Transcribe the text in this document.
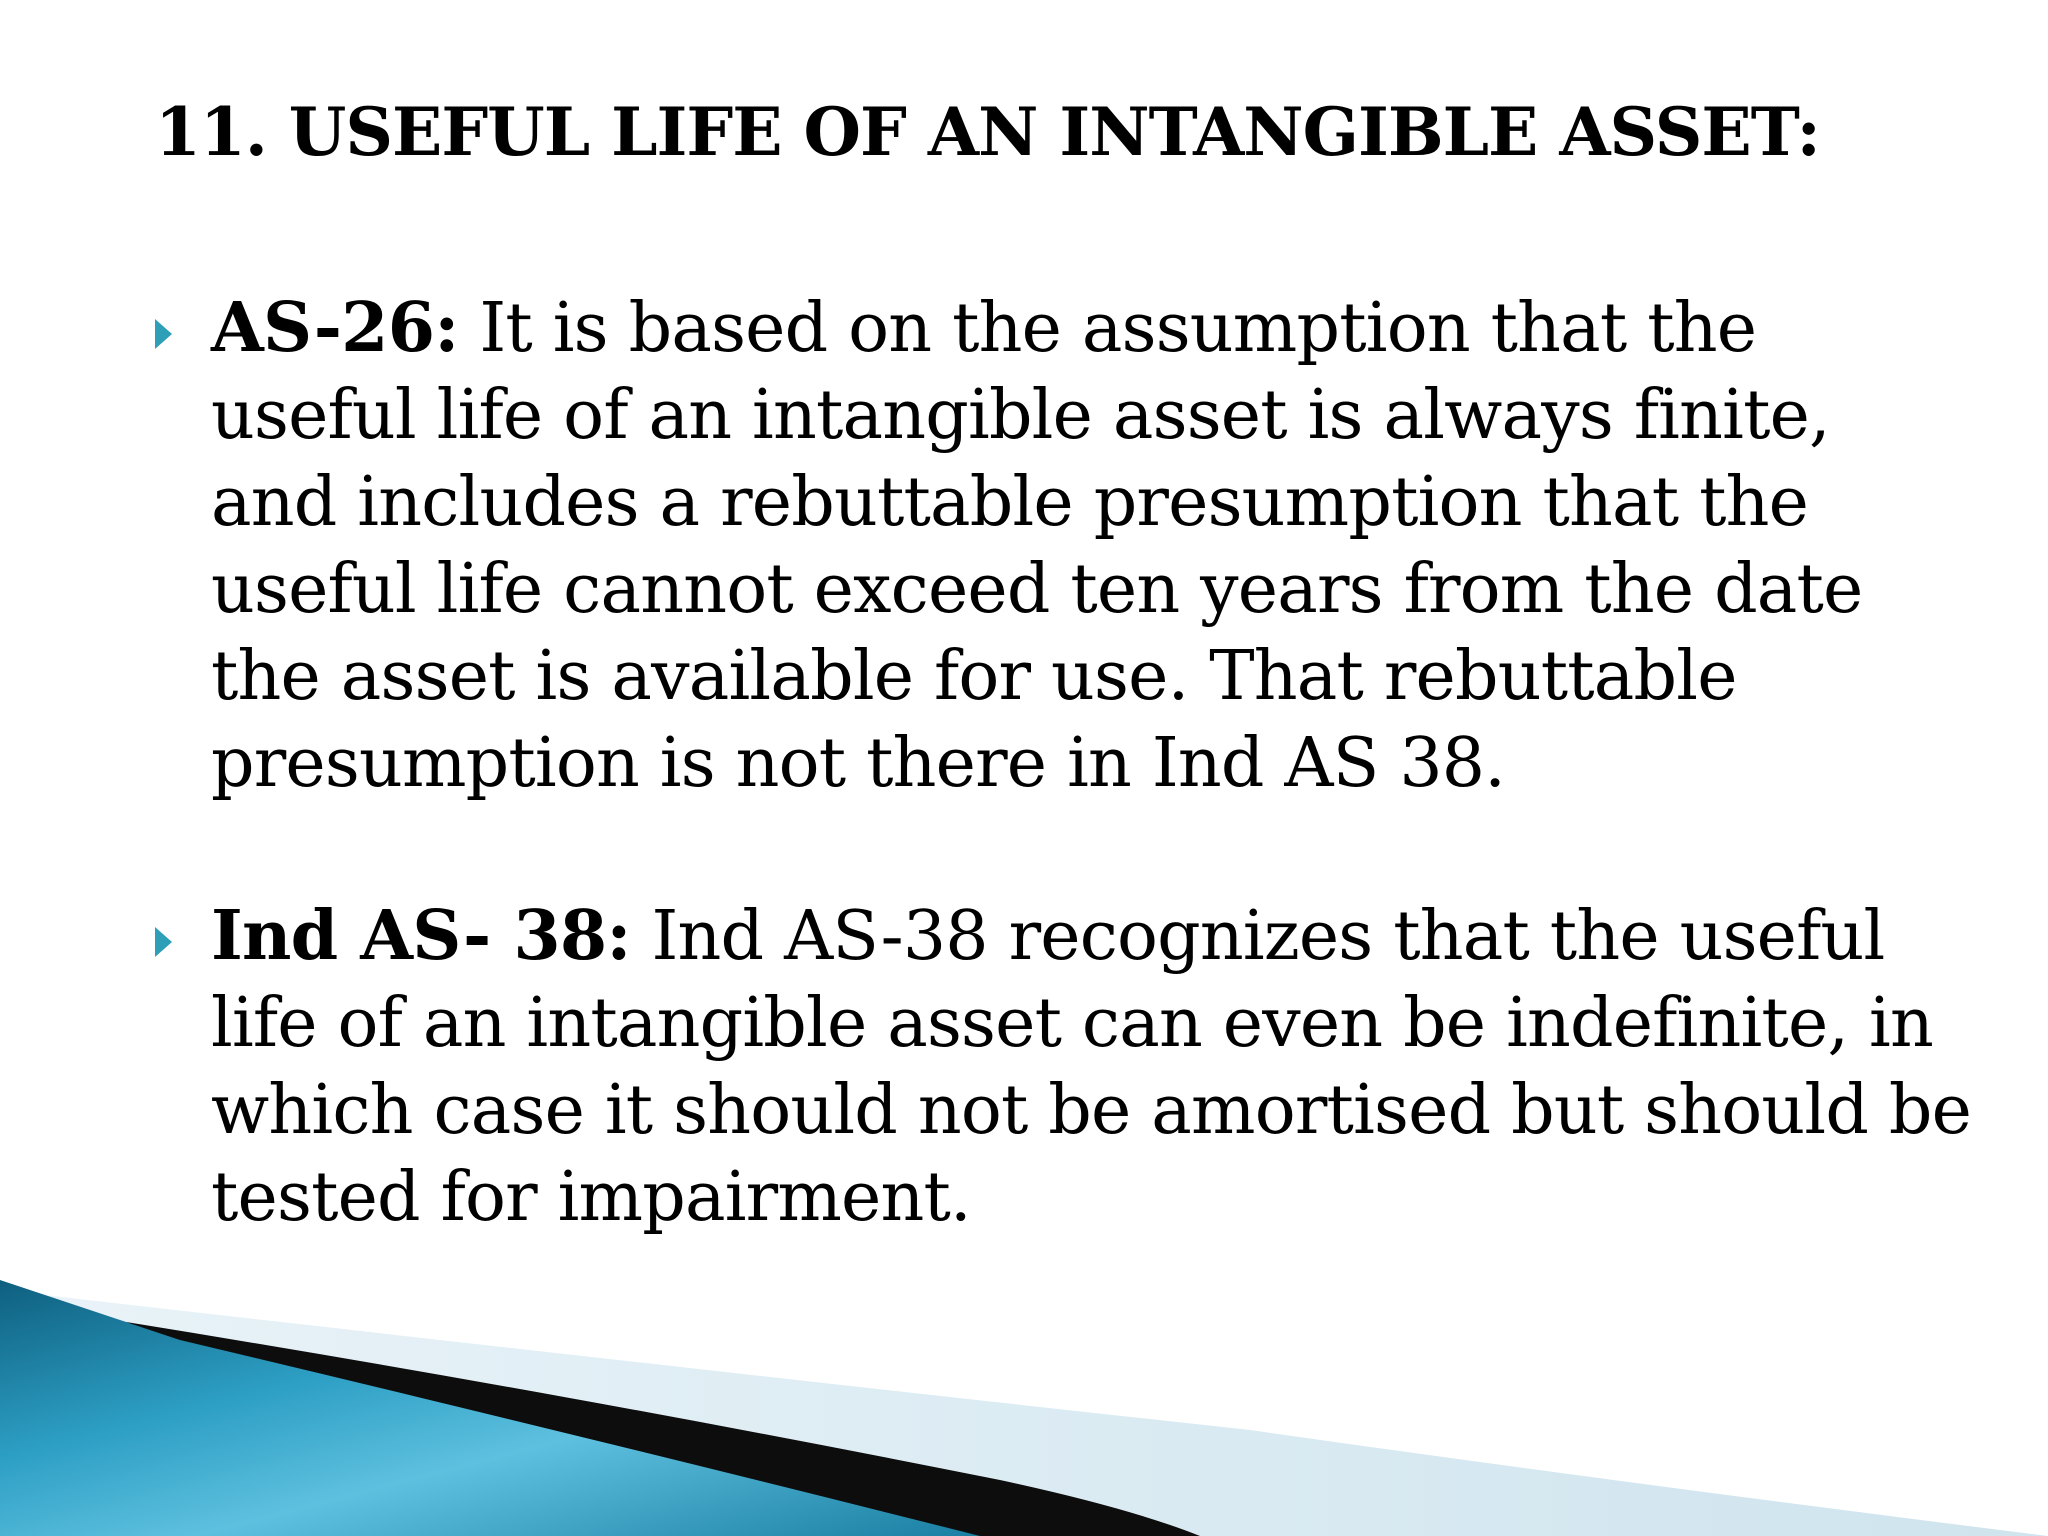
11. USEFUL LIFE OF AN INTANGIBLE ASSET:
AS-26: It is based on the assumption that the useful life of an intangible asset is always finite, and includes a rebuttable presumption that the useful life cannot exceed ten years from the date the asset is available for use. That rebuttable presumption is not there in Ind AS 38.
Ind AS- 38: Ind AS-38 recognizes that the useful life of an intangible asset can even be indefinite, in which case it should not be amortised but should be tested for impairment.
